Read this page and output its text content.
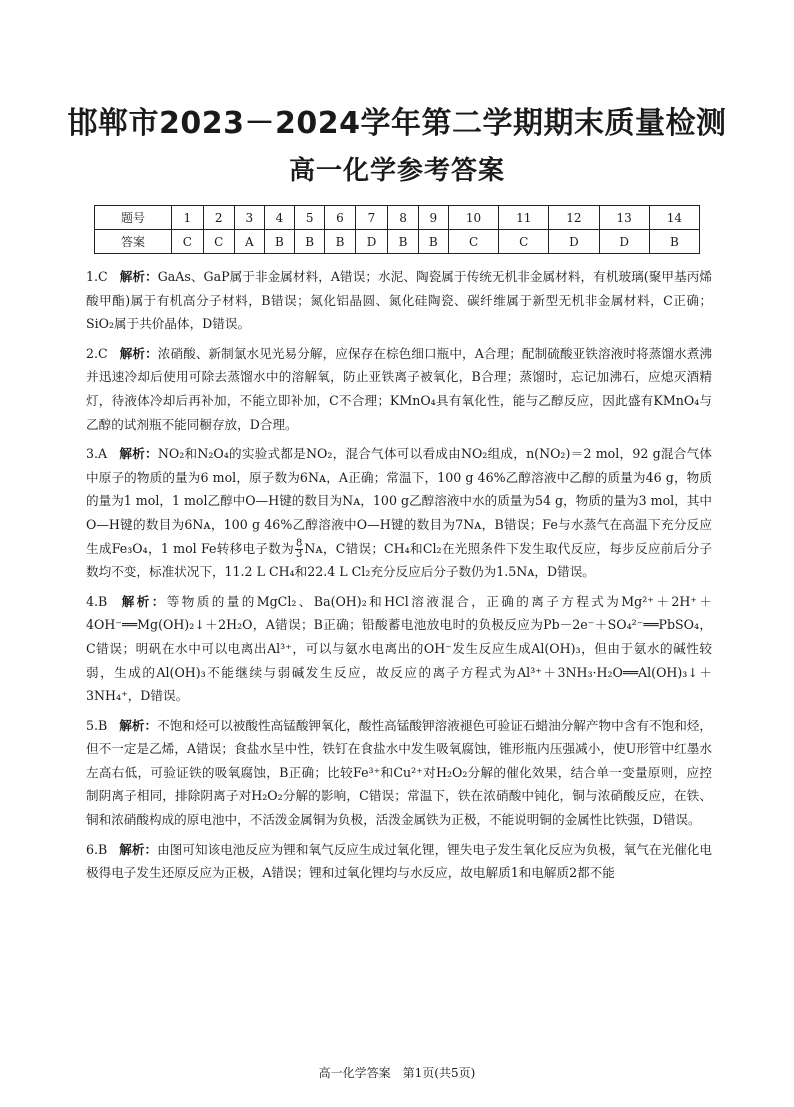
邯郸市2023－2024学年第二学期期末质量检测
高一化学参考答案
题号	1	2	3	4	5	6	7	8	9	10	11	12	13	14
答案	C	C	A	B	B	B	D	B	B	C	C	D	D	B
1.C 解析：GaAs、GaP属于非金属材料，A错误；水泥、陶瓷属于传统无机非金属材料，有机玻璃(聚甲基丙烯酸甲酯)属于有机高分子材料，B错误；氮化铝晶圆、氮化硅陶瓷、碳纤维属于新型无机非金属材料，C正确；SiO₂属于共价晶体，D错误。
2.C 解析：浓硝酸、新制氯水见光易分解，应保存在棕色细口瓶中，A合理；配制硫酸亚铁溶液时将蒸馏水煮沸并迅速冷却后使用可除去蒸馏水中的溶解氧，防止亚铁离子被氧化，B合理；蒸馏时，忘记加沸石，应熄灭酒精灯，待液体冷却后再补加，不能立即补加，C不合理；KMnO₄具有氧化性，能与乙醇反应，因此盛有KMnO₄与乙醇的试剂瓶不能同橱存放，D合理。
3.A 解析：NO₂和N₂O₄的实验式都是NO₂，混合气体可以看成由NO₂组成，n(NO₂)＝2 mol，92 g混合气体中原子的物质的量为6 mol，原子数为6Nᴀ，A正确；常温下，100 g 46%乙醇溶液中乙醇的质量为46 g，物质的量为1 mol，1 mol乙醇中O—H键的数目为Nᴀ，100 g乙醇溶液中水的质量为54 g，物质的量为3 mol，其中O—H键的数目为6Nᴀ，100 g 46%乙醇溶液中O—H键的数目为7Nᴀ，B错误；Fe与水蒸气在高温下充分反应生成Fe₃O₄，1 mol Fe转移电子数为 $\frac{8}{3}$ Nᴀ，C错误；CH₄和Cl₂在光照条件下发生取代反应，每步反应前后分子数均不变，标准状况下，11.2 L CH₄和22.4 L Cl₂充分反应后分子数仍为1.5Nᴀ，D错误。
4.B 解析：等物质的量的MgCl₂、Ba(OH)₂和HCl溶液混合，正确的离子方程式为Mg²⁺＋2H⁺＋4OH⁻══Mg(OH)₂↓＋2H₂O，A错误；B正确；铅酸蓄电池放电时的负极反应为Pb－2e⁻＋SO₄²⁻══PbSO₄，C错误；明矾在水中可以电离出Al³⁺，可以与氨水电离出的OH⁻发生反应生成Al(OH)₃，但由于氨水的碱性较弱，生成的Al(OH)₃不能继续与弱碱发生反应，故反应的离子方程式为Al³⁺＋3NH₃·H₂O══Al(OH)₃↓＋3NH₄⁺，D错误。
5.B 解析：不饱和烃可以被酸性高锰酸钾氧化，酸性高锰酸钾溶液褪色可验证石蜡油分解产物中含有不饱和烃，但不一定是乙烯，A错误；食盐水呈中性，铁钉在食盐水中发生吸氧腐蚀，锥形瓶内压强减小，使U形管中红墨水左高右低，可验证铁的吸氧腐蚀，B正确；比较Fe³⁺和Cu²⁺对H₂O₂分解的催化效果，结合单一变量原则，应控制阴离子相同，排除阴离子对H₂O₂分解的影响，C错误；常温下，铁在浓硝酸中钝化，铜与浓硝酸反应，在铁、铜和浓硝酸构成的原电池中，不活泼金属铜为负极，活泼金属铁为正极，不能说明铜的金属性比铁强，D错误。
6.B 解析：由图可知该电池反应为锂和氧气反应生成过氧化锂，锂失电子发生氧化反应为负极，氧气在光催化电极得电子发生还原反应为正极，A错误；锂和过氧化锂均与水反应，故电解质1和电解质2都不能
高一化学答案　第1页(共5页)
